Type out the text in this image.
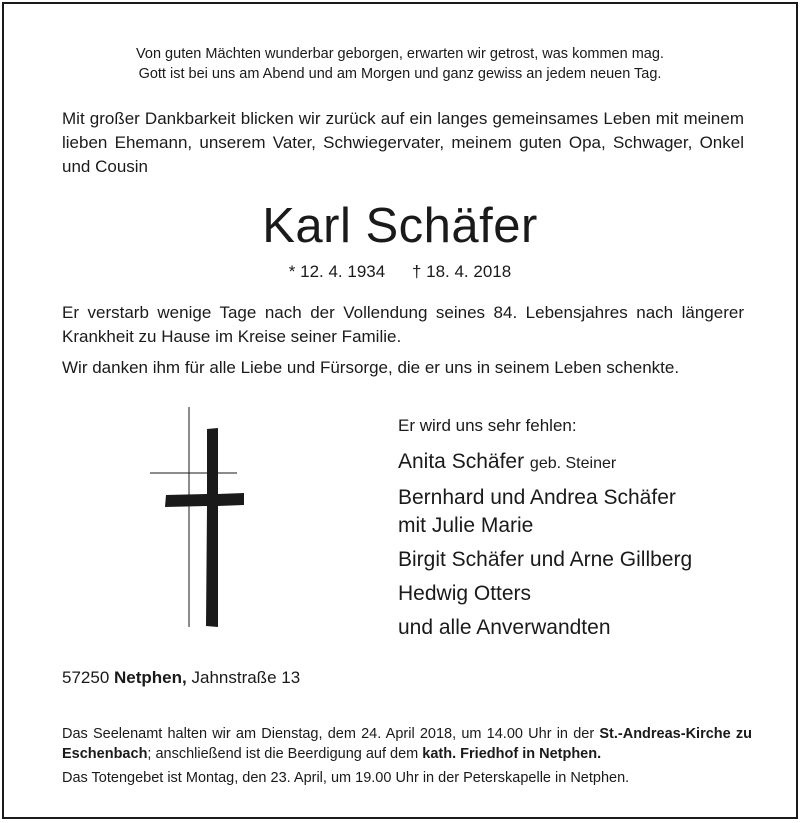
Von guten Mächten wunderbar geborgen, erwarten wir getrost, was kommen mag.
Gott ist bei uns am Abend und am Morgen und ganz gewiss an jedem neuen Tag.
Mit großer Dankbarkeit blicken wir zurück auf ein langes gemeinsames Leben mit meinem lieben Ehemann, unserem Vater, Schwiegervater, meinem guten Opa, Schwager, Onkel und Cousin
Karl Schäfer
* 12. 4. 1934 † 18. 4. 2018
Er verstarb wenige Tage nach der Vollendung seines 84. Lebensjahres nach längerer Krankheit zu Hause im Kreise seiner Familie.
Wir danken ihm für alle Liebe und Fürsorge, die er uns in seinem Leben schenkte.
Er wird uns sehr fehlen:
Anita Schäfer geb. Steiner
Bernhard und Andrea Schäfer
mit Julie Marie
Birgit Schäfer und Arne Gillberg
Hedwig Otters
und alle Anverwandten
57250 Netphen, Jahnstraße 13
Das Seelenamt halten wir am Dienstag, dem 24. April 2018, um 14.00 Uhr in der St.-Andreas-Kirche zu Eschenbach; anschließend ist die Beerdigung auf dem kath. Friedhof in Netphen.
Das Totengebet ist Montag, den 23. April, um 19.00 Uhr in der Peterskapelle in Netphen.
